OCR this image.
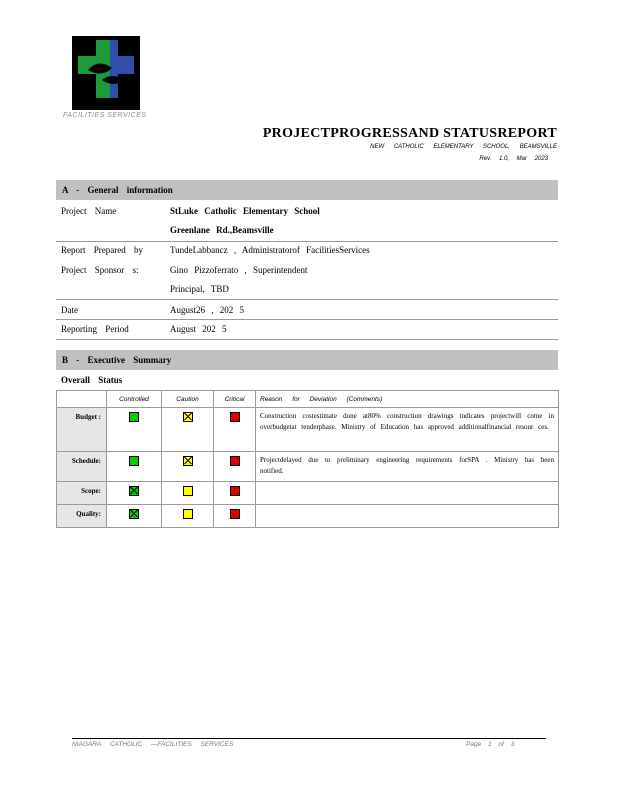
FACILITIES SERVICES
PROJECTPROGRESSAND STATUSREPORT
NEW CATHOLIC ELEMENTARY SCHOOL, BEAMSVILLE
Rev. 1.0, Mar 2023
A - General information
Project Name	StLuke Catholic Elementary School
Greenlane Rd.,Beamsville
Report Prepared by	TundeLabbancz , Administratorof FacilitiesServices
Project Sponsor s:	Gino Pizzoferrato , Superintendent
Principal, TBD
Date	August26 , 202 5
Reporting Period	August 202 5
B - Executive Summary
Overall Status
	Controlled	Caution	Critical	Reason for Deviation (Comments)
Budget :				Construction costestimate done at80% construction drawings indicates projectwill come in overbudgetat tenderphase. Ministry of Education has approved additionalfinancial resour ces.
Schedule:				Projectdelayed due to preliminary engineering requirements forSPA . Ministry has been notified.
Scope:				
Quality:				
NIAGARA CATHOLIC —FACILITIES SERVICES	Page 1 of 3
